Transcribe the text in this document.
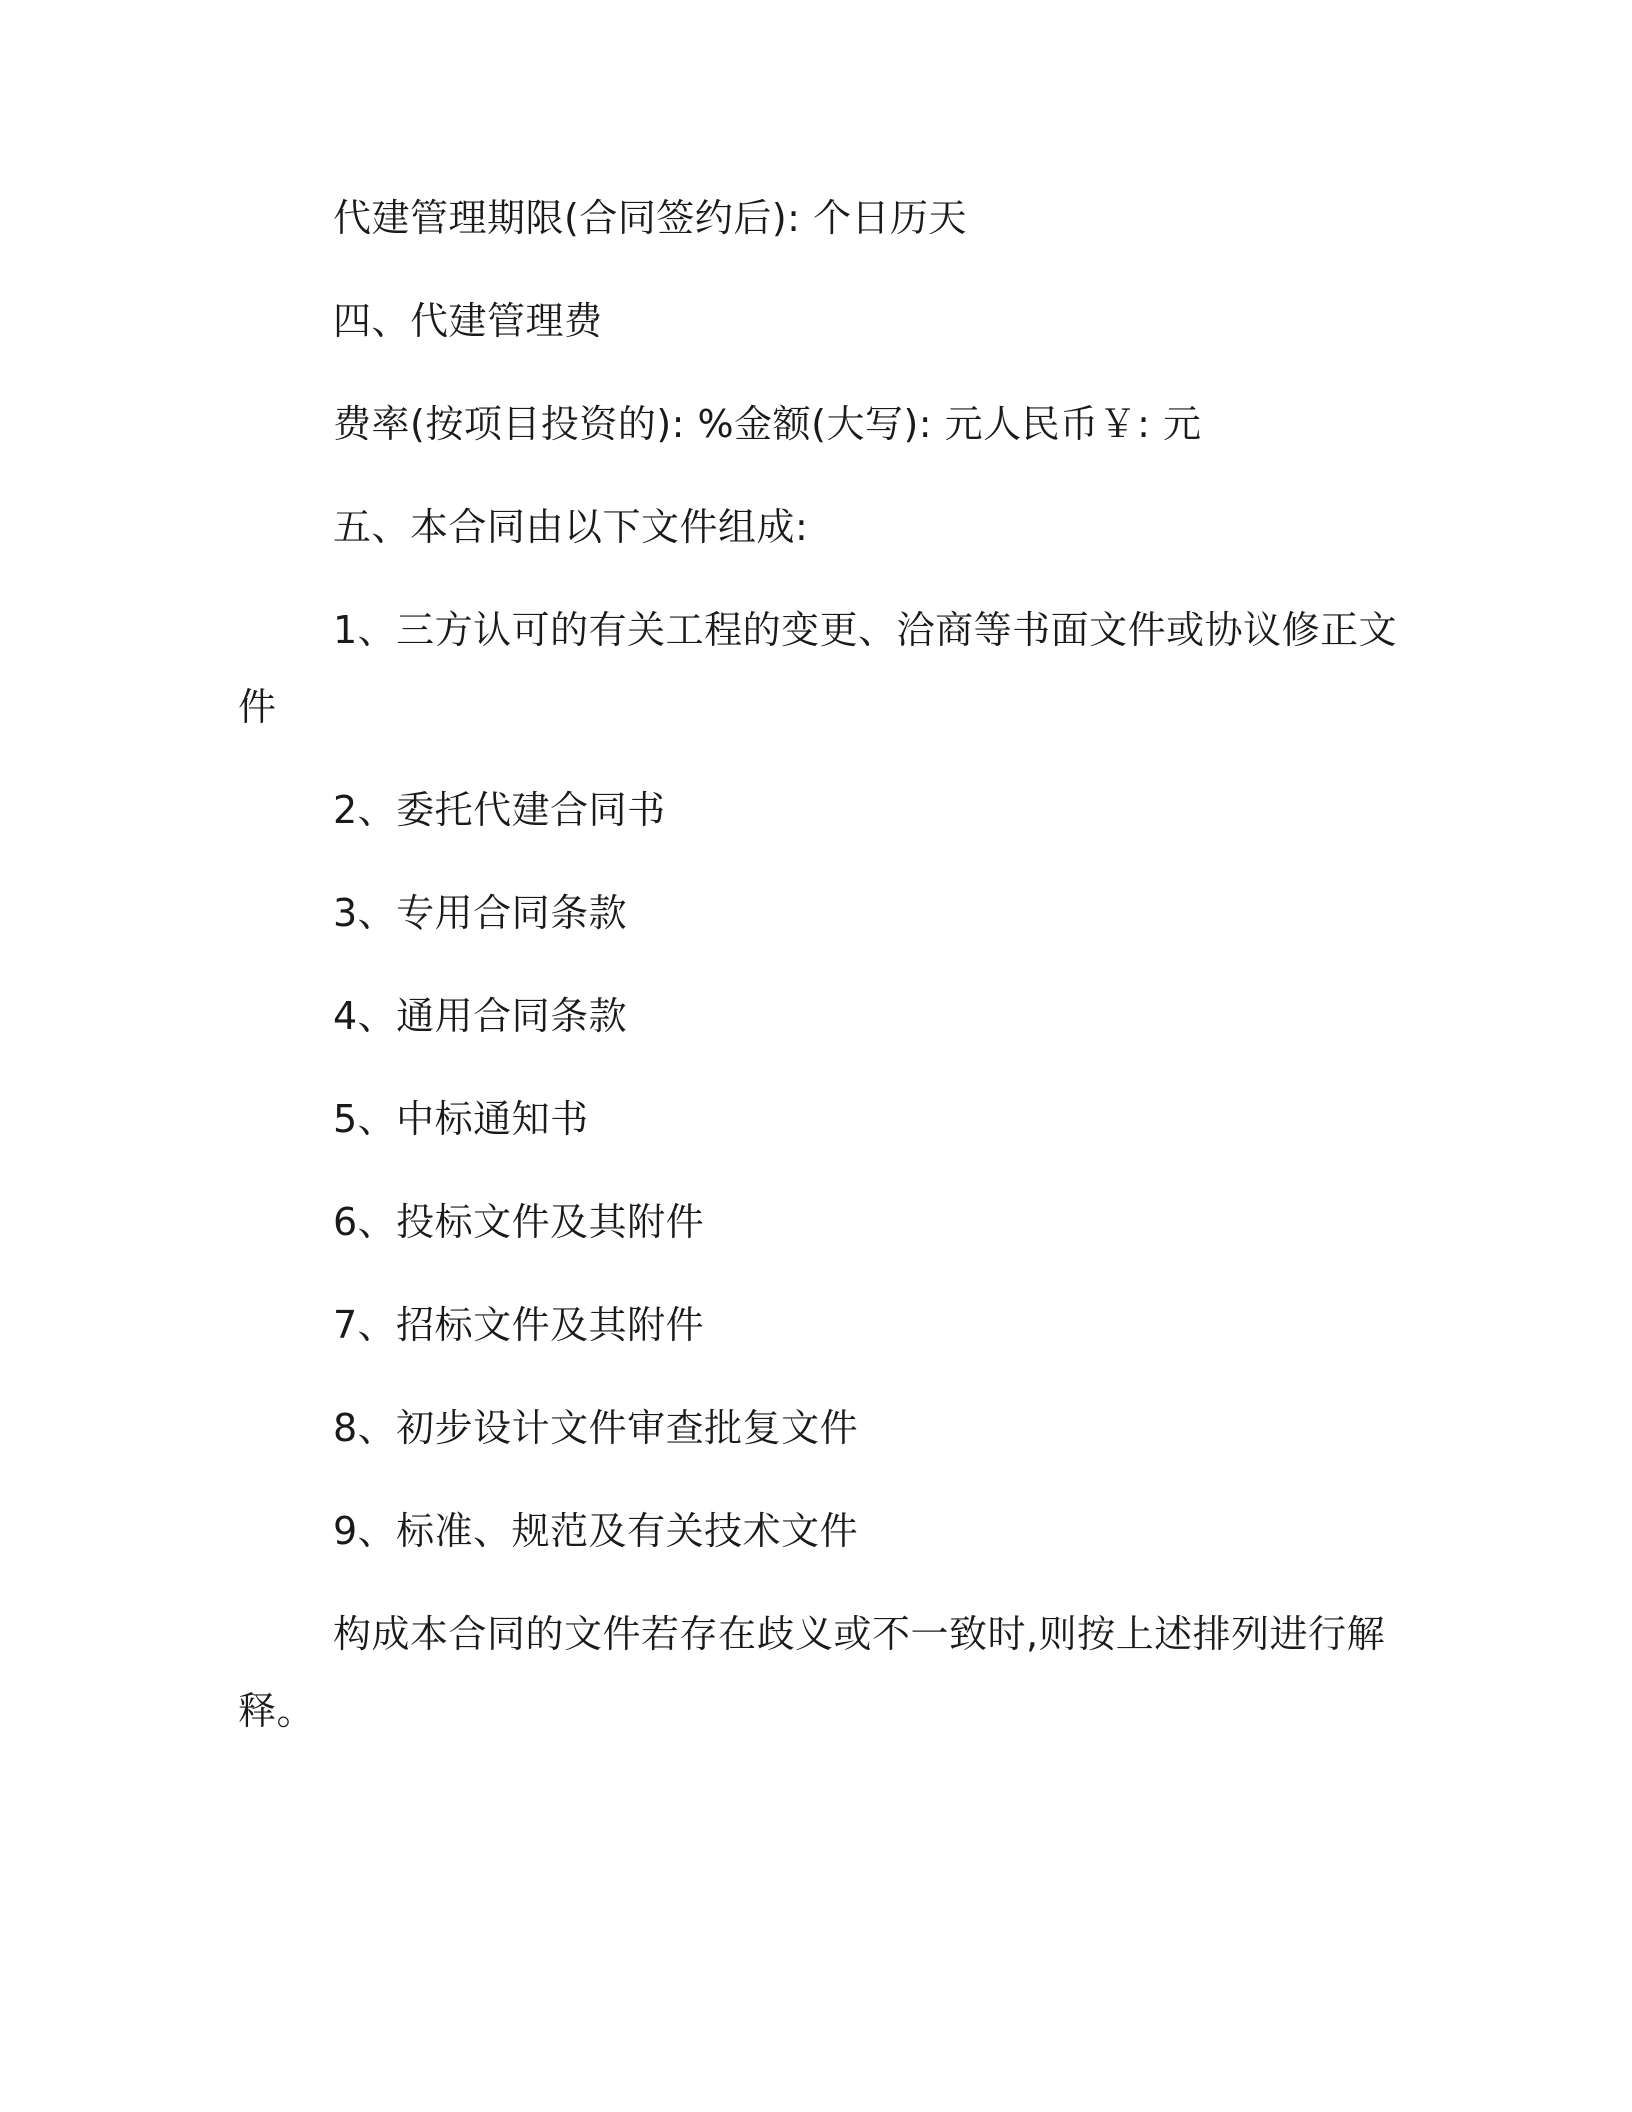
代建管理期限(合同签约后): 个日历天
四、代建管理费
费率(按项目投资的): %金额(大写): 元人民币￥: 元
五、本合同由以下文件组成:
1、三方认可的有关工程的变更、洽商等书面文件或协议修正文
件
2、委托代建合同书
3、专用合同条款
4、通用合同条款
5、中标通知书
6、投标文件及其附件
7、招标文件及其附件
8、初步设计文件审查批复文件
9、标准、规范及有关技术文件
构成本合同的文件若存在歧义或不一致时,则按上述排列进行解
释。
